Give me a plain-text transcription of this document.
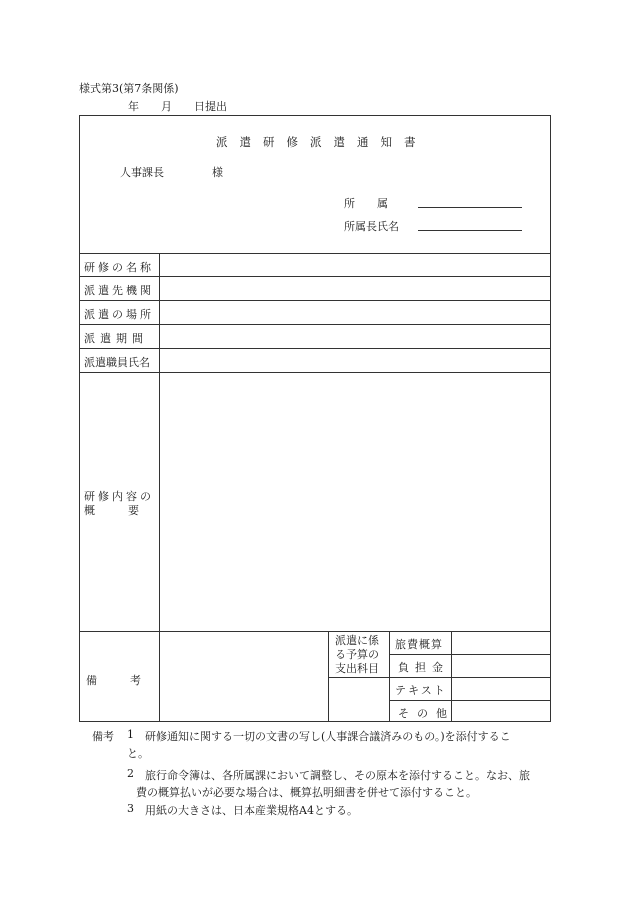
様式第3(第7条関係)
年　　月　　日提出
派遣研修派遣通知書
人事課長	様
所　　属
所属長氏名
研修の名称
派遣先機関
派遣の場所
派遣期間
派遣職員氏名
研修内容の
概　　　要
備　　　考
派遣に係
る予算の
支出科目
旅費概算
負担金
テキスト
その他
備考 1 研修通知に関する一切の文書の写し(人事課合議済みのもの。)を添付するこ
と。
2 旅行命令簿は、各所属課において調整し、その原本を添付すること。なお、旅
費の概算払いが必要な場合は、概算払明細書を併せて添付すること。
3 用紙の大きさは、日本産業規格A4とする。
